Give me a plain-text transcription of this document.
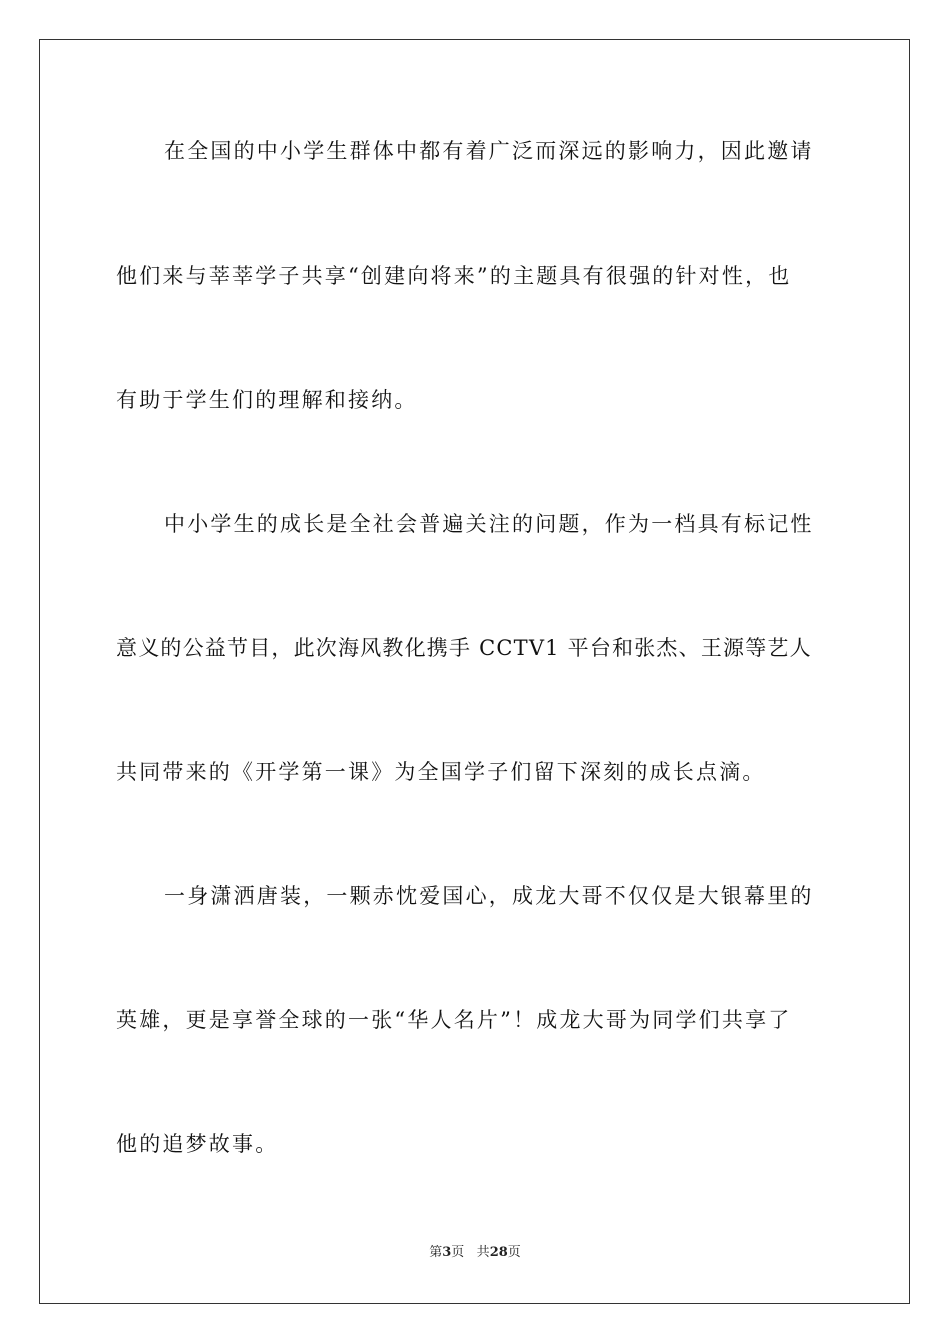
在全国的中小学生群体中都有着广泛而深远的影响力，因此邀请
他们来与莘莘学子共享“创建向将来”的主题具有很强的针对性，也
有助于学生们的理解和接纳。
中小学生的成长是全社会普遍关注的问题，作为一档具有标记性
意义的公益节目，此次海风教化携手 CCTV1 平台和张杰、王源等艺人
共同带来的《开学第一课》为全国学子们留下深刻的成长点滴。
一身潇洒唐装，一颗赤忱爱国心，成龙大哥不仅仅是大银幕里的
英雄，更是享誉全球的一张“华人名片”！成龙大哥为同学们共享了
他的追梦故事。
第3页 共28页
